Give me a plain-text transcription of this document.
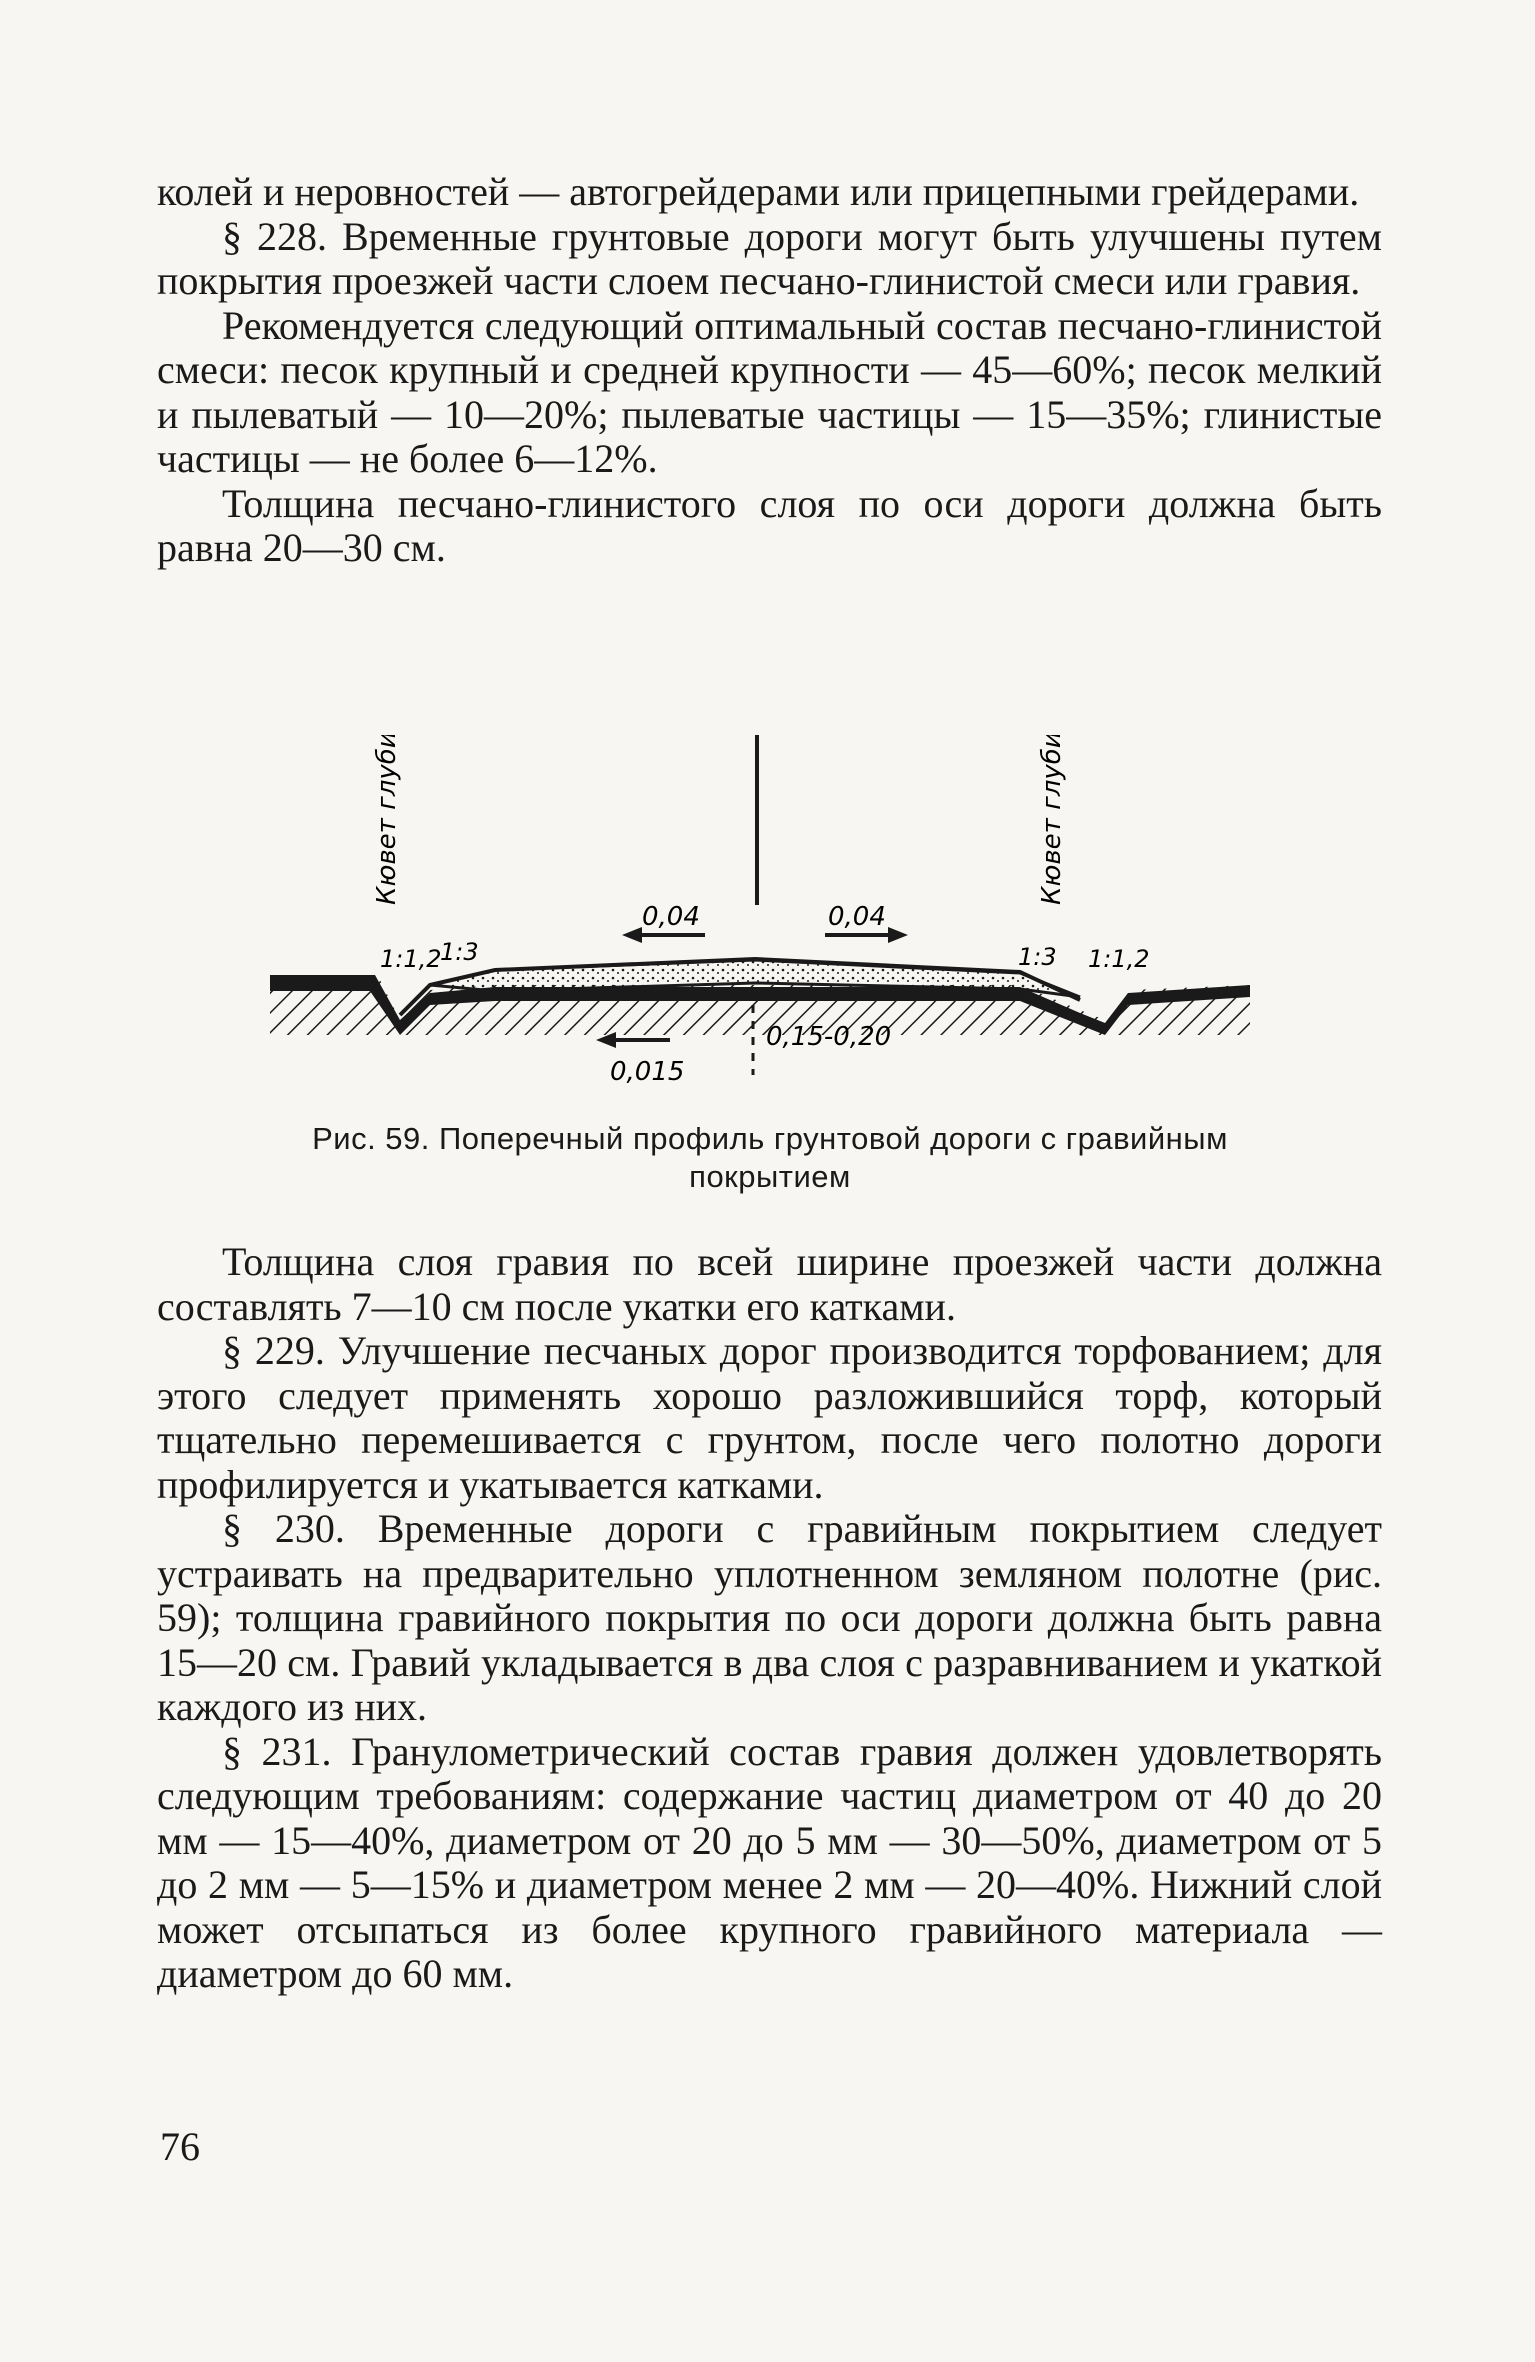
колей и неровностей — автогрейдерами или прицепными грейдерами.

§ 228. Временные грунтовые дороги могут быть улучшены путем покрытия проезжей части слоем песчано-глинистой смеси или гравия.

Рекомендуется следующий оптимальный состав песчано-глинистой смеси: песок крупный и средней крупности — 45—60%; песок мелкий и пылеватый — 10—20%; пылеватые частицы — 15—35%; глинистые частицы — не более 6—12%.

Толщина песчано-глинистого слоя по оси дороги должна быть равна 20—30 см.

0,04	0,04
0,015
0,15-0,20
1:1,2
1:3	1:3 1:1,2
Кювет глубиной 0,3	Кювет глубиной 0,3
Рис. 59. Поперечный профиль грунтовой дороги с гравийным покрытием

Толщина слоя гравия по всей ширине проезжей части должна составлять 7—10 см после укатки его катками.

§ 229. Улучшение песчаных дорог производится торфованием; для этого следует применять хорошо разложившийся торф, который тщательно перемешивается с грунтом, после чего полотно дороги профилируется и укатывается катками.

§ 230. Временные дороги с гравийным покрытием следует устраивать на предварительно уплотненном земляном полотне (рис. 59); толщина гравийного покрытия по оси дороги должна быть равна 15—20 см. Гравий укладывается в два слоя с разравниванием и укаткой каждого из них.

§ 231. Гранулометрический состав гравия должен удовлетворять следующим требованиям: содержание частиц диаметром от 40 до 20 мм — 15—40%, диаметром от 20 до 5 мм — 30—50%, диаметром от 5 до 2 мм — 5—15% и диаметром менее 2 мм — 20—40%. Нижний слой может отсыпаться из более крупного гравийного материала — диаметром до 60 мм.

76
